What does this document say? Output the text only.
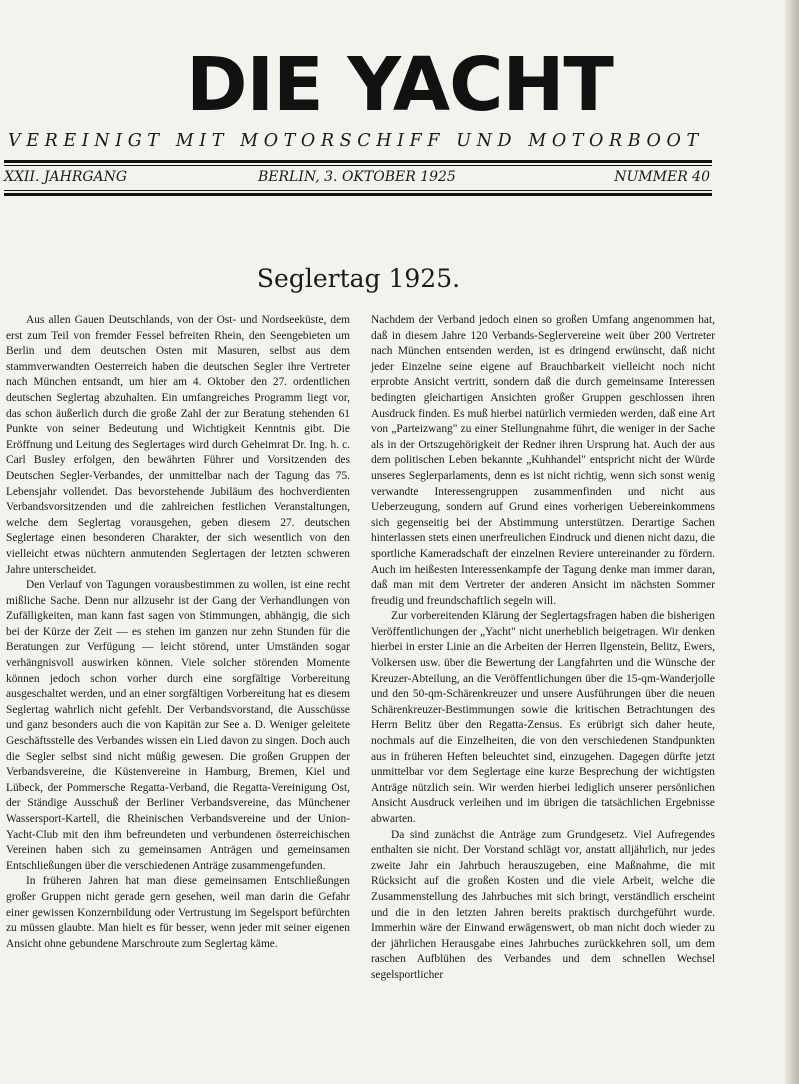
DIE YACHT
VEREINIGT MIT MOTORSCHIFF UND MOTORBOOT
XXII. JAHRGANG	BERLIN, 3. OKTOBER 1925	NUMMER 40
Seglertag 1925.

Aus allen Gauen Deutschlands, von der Ost- und Nordseeküste, dem erst zum Teil von fremder Fessel befreiten Rhein, den Seengebieten um Berlin und dem deutschen Osten mit Masuren, selbst aus dem stammverwandten Oesterreich haben die deutschen Segler ihre Vertreter nach München entsandt, um hier am 4. Oktober den 27. ordentlichen deutschen Seglertag abzuhalten. Ein umfangreiches Programm liegt vor, das schon äußerlich durch die große Zahl der zur Beratung stehenden 61 Punkte von seiner Bedeutung und Wichtigkeit Kenntnis gibt. Die Eröffnung und Leitung des Seglertages wird durch Geheimrat Dr. Ing. h. c. Carl Busley erfolgen, den bewährten Führer und Vorsitzenden des Deutschen Segler-Verbandes, der unmittelbar nach der Tagung das 75. Lebensjahr vollendet. Das bevorstehende Jubiläum des hochverdienten Verbandsvorsitzenden und die zahlreichen festlichen Veranstaltungen, welche dem Seglertag vorausgehen, geben diesem 27. deutschen Seglertage einen besonderen Charakter, der sich wesentlich von den vielleicht etwas nüchtern anmutenden Seglertagen der letzten schweren Jahre unterscheidet.

Den Verlauf von Tagungen vorausbestimmen zu wollen, ist eine recht mißliche Sache. Denn nur allzusehr ist der Gang der Verhandlungen von Zufälligkeiten, man kann fast sagen von Stimmungen, abhängig, die sich bei der Kürze der Zeit — es stehen im ganzen nur zehn Stunden für die Beratungen zur Verfügung — leicht störend, unter Umständen sogar verhängnisvoll auswirken können. Viele solcher störenden Momente können jedoch schon vorher durch eine sorgfältige Vorbereitung ausgeschaltet werden, und an einer sorgfältigen Vorbereitung hat es diesem Seglertag wahrlich nicht gefehlt. Der Verbandsvorstand, die Ausschüsse und ganz besonders auch die von Kapitän zur See a. D. Weniger geleitete Geschäftsstelle des Verbandes wissen ein Lied davon zu singen. Doch auch die Segler selbst sind nicht müßig gewesen. Die großen Gruppen der Verbandsvereine, die Küstenvereine in Hamburg, Bremen, Kiel und Lübeck, der Pommersche Regatta-Verband, die Regatta-Vereinigung Ost, der Ständige Ausschuß der Berliner Verbandsvereine, das Münchener Wassersport-Kartell, die Rheinischen Verbandsvereine und der Union-Yacht-Club mit den ihm befreundeten und verbundenen österreichischen Vereinen haben sich zu gemeinsamen Anträgen und gemeinsamen Entschließungen über die verschiedenen Anträge zusammengefunden.

In früheren Jahren hat man diese gemeinsamen Entschließungen großer Gruppen nicht gerade gern gesehen, weil man darin die Gefahr einer gewissen Konzernbildung oder Vertrustung im Segelsport befürchten zu müssen glaubte. Man hielt es für besser, wenn jeder mit seiner eigenen Ansicht ohne gebundene Marschroute zum Seglertag käme.

Nachdem der Verband jedoch einen so großen Umfang angenommen hat, daß in diesem Jahre 120 Verbands-Seglervereine weit über 200 Vertreter nach München entsenden werden, ist es dringend erwünscht, daß nicht jeder Einzelne seine eigene auf Brauchbarkeit vielleicht noch nicht erprobte Ansicht vertritt, sondern daß die durch gemeinsame Interessen bedingten gleichartigen Ansichten großer Gruppen geschlossen ihren Ausdruck finden. Es muß hierbei natürlich vermieden werden, daß eine Art von „Parteizwang" zu einer Stellungnahme führt, die weniger in der Sache als in der Ortszugehörigkeit der Redner ihren Ursprung hat. Auch der aus dem politischen Leben bekannte „Kuhhandel" entspricht nicht der Würde unseres Seglerparlaments, denn es ist nicht richtig, wenn sich sonst wenig verwandte Interessengruppen zusammenfinden und nicht aus Ueberzeugung, sondern auf Grund eines vorherigen Uebereinkommens sich gegenseitig bei der Abstimmung unterstützen. Derartige Sachen hinterlassen stets einen unerfreulichen Eindruck und dienen nicht dazu, die sportliche Kameradschaft der einzelnen Reviere untereinander zu fördern. Auch im heißesten Interessenkampfe der Tagung denke man immer daran, daß man mit dem Vertreter der anderen Ansicht im nächsten Sommer freudig und freundschaftlich segeln will.

Zur vorbereitenden Klärung der Seglertagsfragen haben die bisherigen Veröffentlichungen der „Yacht" nicht unerheblich beigetragen. Wir denken hierbei in erster Linie an die Arbeiten der Herren Ilgenstein, Belitz, Ewers, Volkersen usw. über die Bewertung der Langfahrten und die Wünsche der Kreuzer-Abteilung, an die Veröffentlichungen über die 15-qm-Wanderjolle und den 50-qm-Schärenkreuzer und unsere Ausführungen über die neuen Schärenkreuzer-Bestimmungen sowie die kritischen Betrachtungen des Herrn Belitz über den Regatta-Zensus. Es erübrigt sich daher heute, nochmals auf die Einzelheiten, die von den verschiedenen Standpunkten aus in früheren Heften beleuchtet sind, einzugehen. Dagegen dürfte jetzt unmittelbar vor dem Seglertage eine kurze Besprechung der wichtigsten Anträge nützlich sein. Wir werden hierbei lediglich unserer persönlichen Ansicht Ausdruck verleihen und im übrigen die tatsächlichen Ergebnisse abwarten.

Da sind zunächst die Anträge zum Grundgesetz. Viel Aufregendes enthalten sie nicht. Der Vorstand schlägt vor, anstatt alljährlich, nur jedes zweite Jahr ein Jahrbuch herauszugeben, eine Maßnahme, die mit Rücksicht auf die großen Kosten und die viele Arbeit, welche die Zusammenstellung des Jahrbuches mit sich bringt, verständlich erscheint und die in den letzten Jahren bereits praktisch durchgeführt wurde. Immerhin wäre der Einwand erwägenswert, ob man nicht doch wieder zu der jährlichen Herausgabe eines Jahrbuches zurückkehren soll, um dem raschen Aufblühen des Verbandes und dem schnellen Wechsel segelsportlicher
